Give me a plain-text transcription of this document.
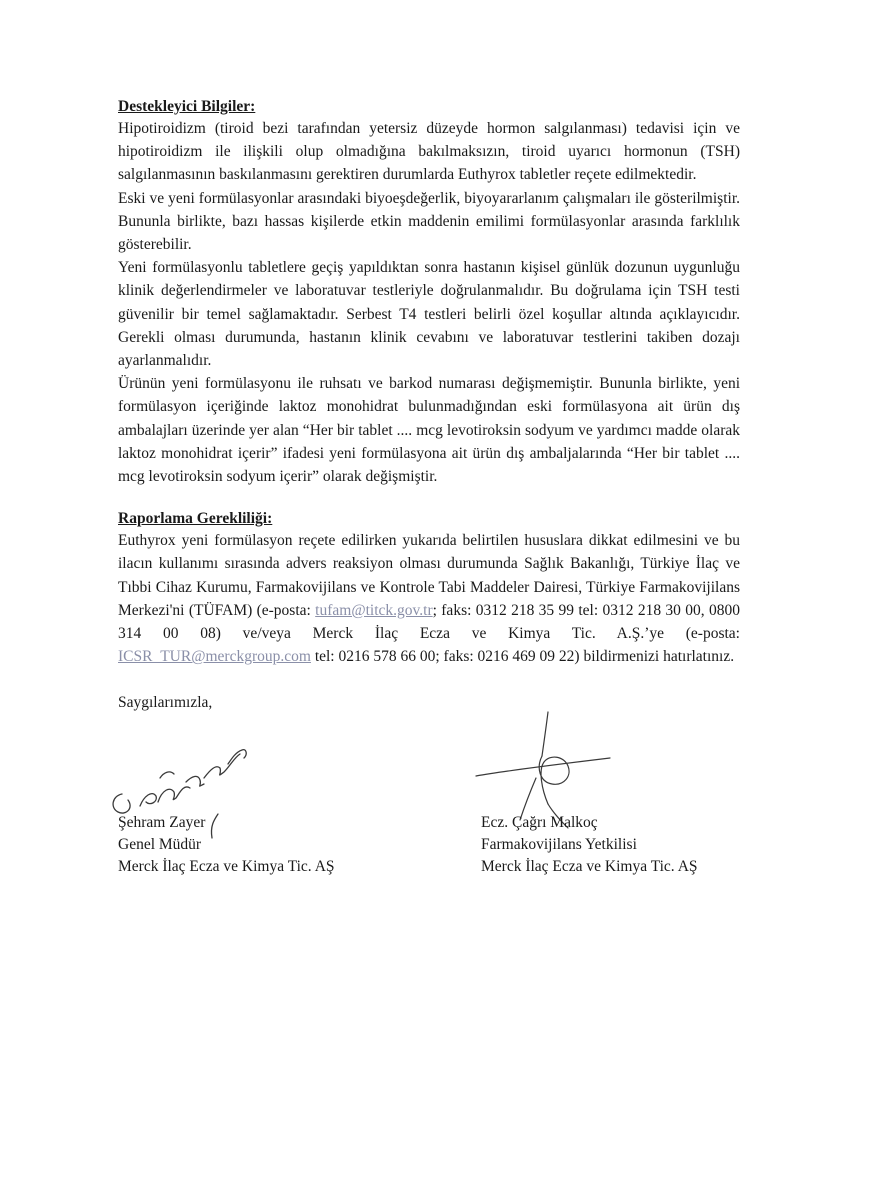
Destekleyici Bilgiler:

Hipotiroidizm (tiroid bezi tarafından yetersiz düzeyde hormon salgılanması) tedavisi için ve hipotiroidizm ile ilişkili olup olmadığına bakılmaksızın, tiroid uyarıcı hormonun (TSH) salgılanmasının baskılanmasını gerektiren durumlarda Euthyrox tabletler reçete edilmektedir.

Eski ve yeni formülasyonlar arasındaki biyoeşdeğerlik, biyoyararlanım çalışmaları ile gösterilmiştir. Bununla birlikte, bazı hassas kişilerde etkin maddenin emilimi formülasyonlar arasında farklılık gösterebilir.

Yeni formülasyonlu tabletlere geçiş yapıldıktan sonra hastanın kişisel günlük dozunun uygunluğu klinik değerlendirmeler ve laboratuvar testleriyle doğrulanmalıdır. Bu doğrulama için TSH testi güvenilir bir temel sağlamaktadır. Serbest T4 testleri belirli özel koşullar altında açıklayıcıdır. Gerekli olması durumunda, hastanın klinik cevabını ve laboratuvar testlerini takiben dozajı ayarlanmalıdır.

Ürünün yeni formülasyonu ile ruhsatı ve barkod numarası değişmemiştir. Bununla birlikte, yeni formülasyon içeriğinde laktoz monohidrat bulunmadığından eski formülasyona ait ürün dış ambalajları üzerinde yer alan “Her bir tablet .... mcg levotiroksin sodyum ve yardımcı madde olarak laktoz monohidrat içerir” ifadesi yeni formülasyona ait ürün dış ambaljalarında “Her bir tablet .... mcg levotiroksin sodyum içerir” olarak değişmiştir.

Raporlama Gerekliliği:

Euthyrox yeni formülasyon reçete edilirken yukarıda belirtilen hususlara dikkat edilmesini ve bu ilacın kullanımı sırasında advers reaksiyon olması durumunda Sağlık Bakanlığı, Türkiye İlaç ve Tıbbi Cihaz Kurumu, Farmakovijilans ve Kontrole Tabi Maddeler Dairesi, Türkiye Farmakovijilans Merkezi'ni (TÜFAM) (e-posta: tufam@titck.gov.tr; faks: 0312 218 35 99 tel: 0312 218 30 00, 0800 314 00 08) ve/veya Merck İlaç Ecza ve Kimya Tic. A.Ş.’ye (e-posta: ICSR_TUR@merckgroup.com tel: 0216 578 66 00; faks: 0216 469 09 22) bildirmenizi hatırlatınız.

Saygılarımızla,

Şehram Zayer
Genel Müdür
Merck İlaç Ecza ve Kimya Tic. AŞ
Ecz. Çağrı Malkoç
Farmakovijilans Yetkilisi
Merck İlaç Ecza ve Kimya Tic. AŞ
